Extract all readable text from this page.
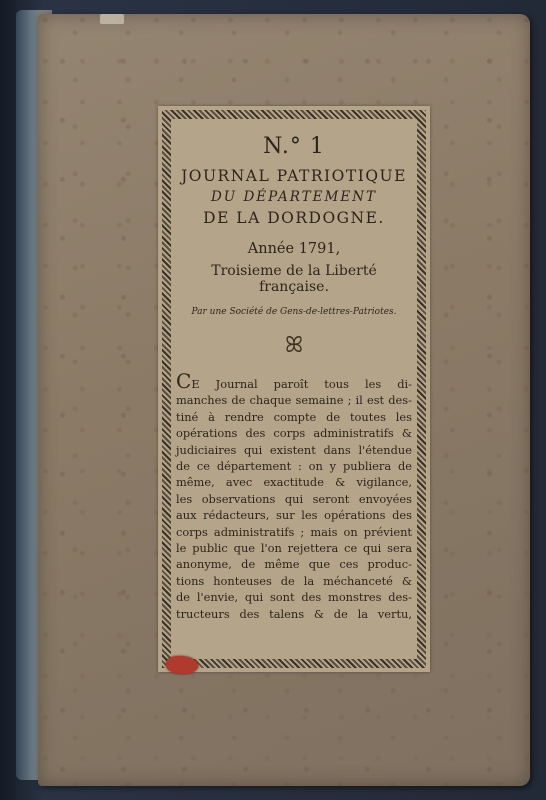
N.° 1
JOURNAL PATRIOTIQUE
DU DÉPARTEMENT
DE LA DORDOGNE.
Année 1791,
Troisieme de la Liberté française.
Par une Société de Gens-de-lettres-Patriotes.
ꕤ

CE Journal paroît tous les di-
manches de chaque semaine ; il est des-
tiné à rendre compte de toutes les
opérations des corps administratifs &
judiciaires qui existent dans l'étendue
de ce département : on y publiera de
même, avec exactitude & vigilance,
les observations qui seront envoyées
aux rédacteurs, sur les opérations des
corps administratifs ; mais on prévient
le public que l'on rejettera ce qui sera
anonyme, de même que ces produc-
tions honteuses de la méchanceté &
de l'envie, qui sont des monstres des-
tructeurs des talens & de la vertu,
